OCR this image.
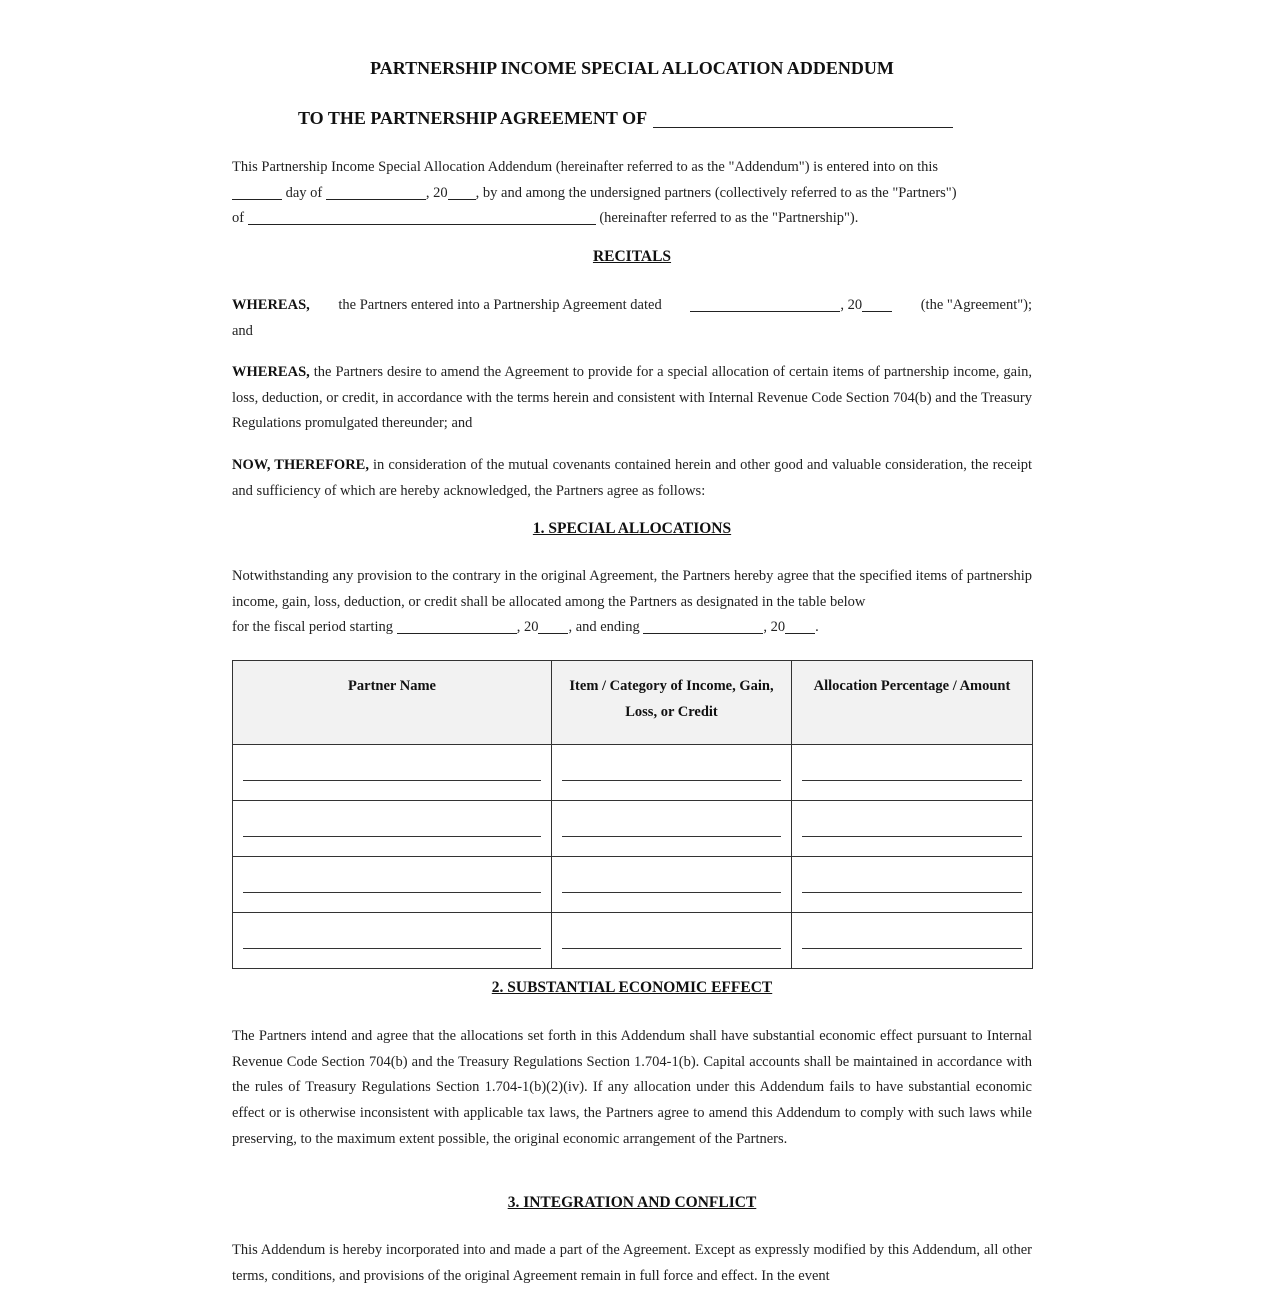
PARTNERSHIP INCOME SPECIAL ALLOCATION ADDENDUM
TO THE PARTNERSHIP AGREEMENT OF
This Partnership Income Special Allocation Addendum (hereinafter referred to as the "Addendum") is entered into on this
day of	, 20 , by and among the undersigned partners (collectively referred to as the "Partners")
of	(hereinafter referred to as the "Partnership").
RECITALS
WHEREAS, the Partners entered into a Partnership Agreement dated	, 20	(the "Agreement");
and

WHEREAS, the Partners desire to amend the Agreement to provide for a special allocation of certain items of partnership income, gain, loss, deduction, or credit, in accordance with the terms herein and consistent with Internal Revenue Code Section 704(b) and the Treasury Regulations promulgated thereunder; and

NOW, THEREFORE, in consideration of the mutual covenants contained herein and other good and valuable consideration, the receipt and sufficiency of which are hereby acknowledged, the Partners agree as follows:

1. SPECIAL ALLOCATIONS
Notwithstanding any provision to the contrary in the original Agreement, the Partners hereby agree that the specified items of partnership income, gain, loss, deduction, or credit shall be allocated among the Partners as designated in the table below
for the fiscal period starting	, 20 , and ending	, 20 .
Partner Name	Item / Category of Income, Gain, Loss, or Credit	Allocation Percentage / Amount

2. SUBSTANTIAL ECONOMIC EFFECT

The Partners intend and agree that the allocations set forth in this Addendum shall have substantial economic effect pursuant to Internal Revenue Code Section 704(b) and the Treasury Regulations Section 1.704-1(b). Capital accounts shall be maintained in accordance with the rules of Treasury Regulations Section 1.704-1(b)(2)(iv). If any allocation under this Addendum fails to have substantial economic effect or is otherwise inconsistent with applicable tax laws, the Partners agree to amend this Addendum to comply with such laws while preserving, to the maximum extent possible, the original economic arrangement of the Partners.

3. INTEGRATION AND CONFLICT

This Addendum is hereby incorporated into and made a part of the Agreement. Except as expressly modified by this Addendum, all other terms, conditions, and provisions of the original Agreement remain in full force and effect. In the event
